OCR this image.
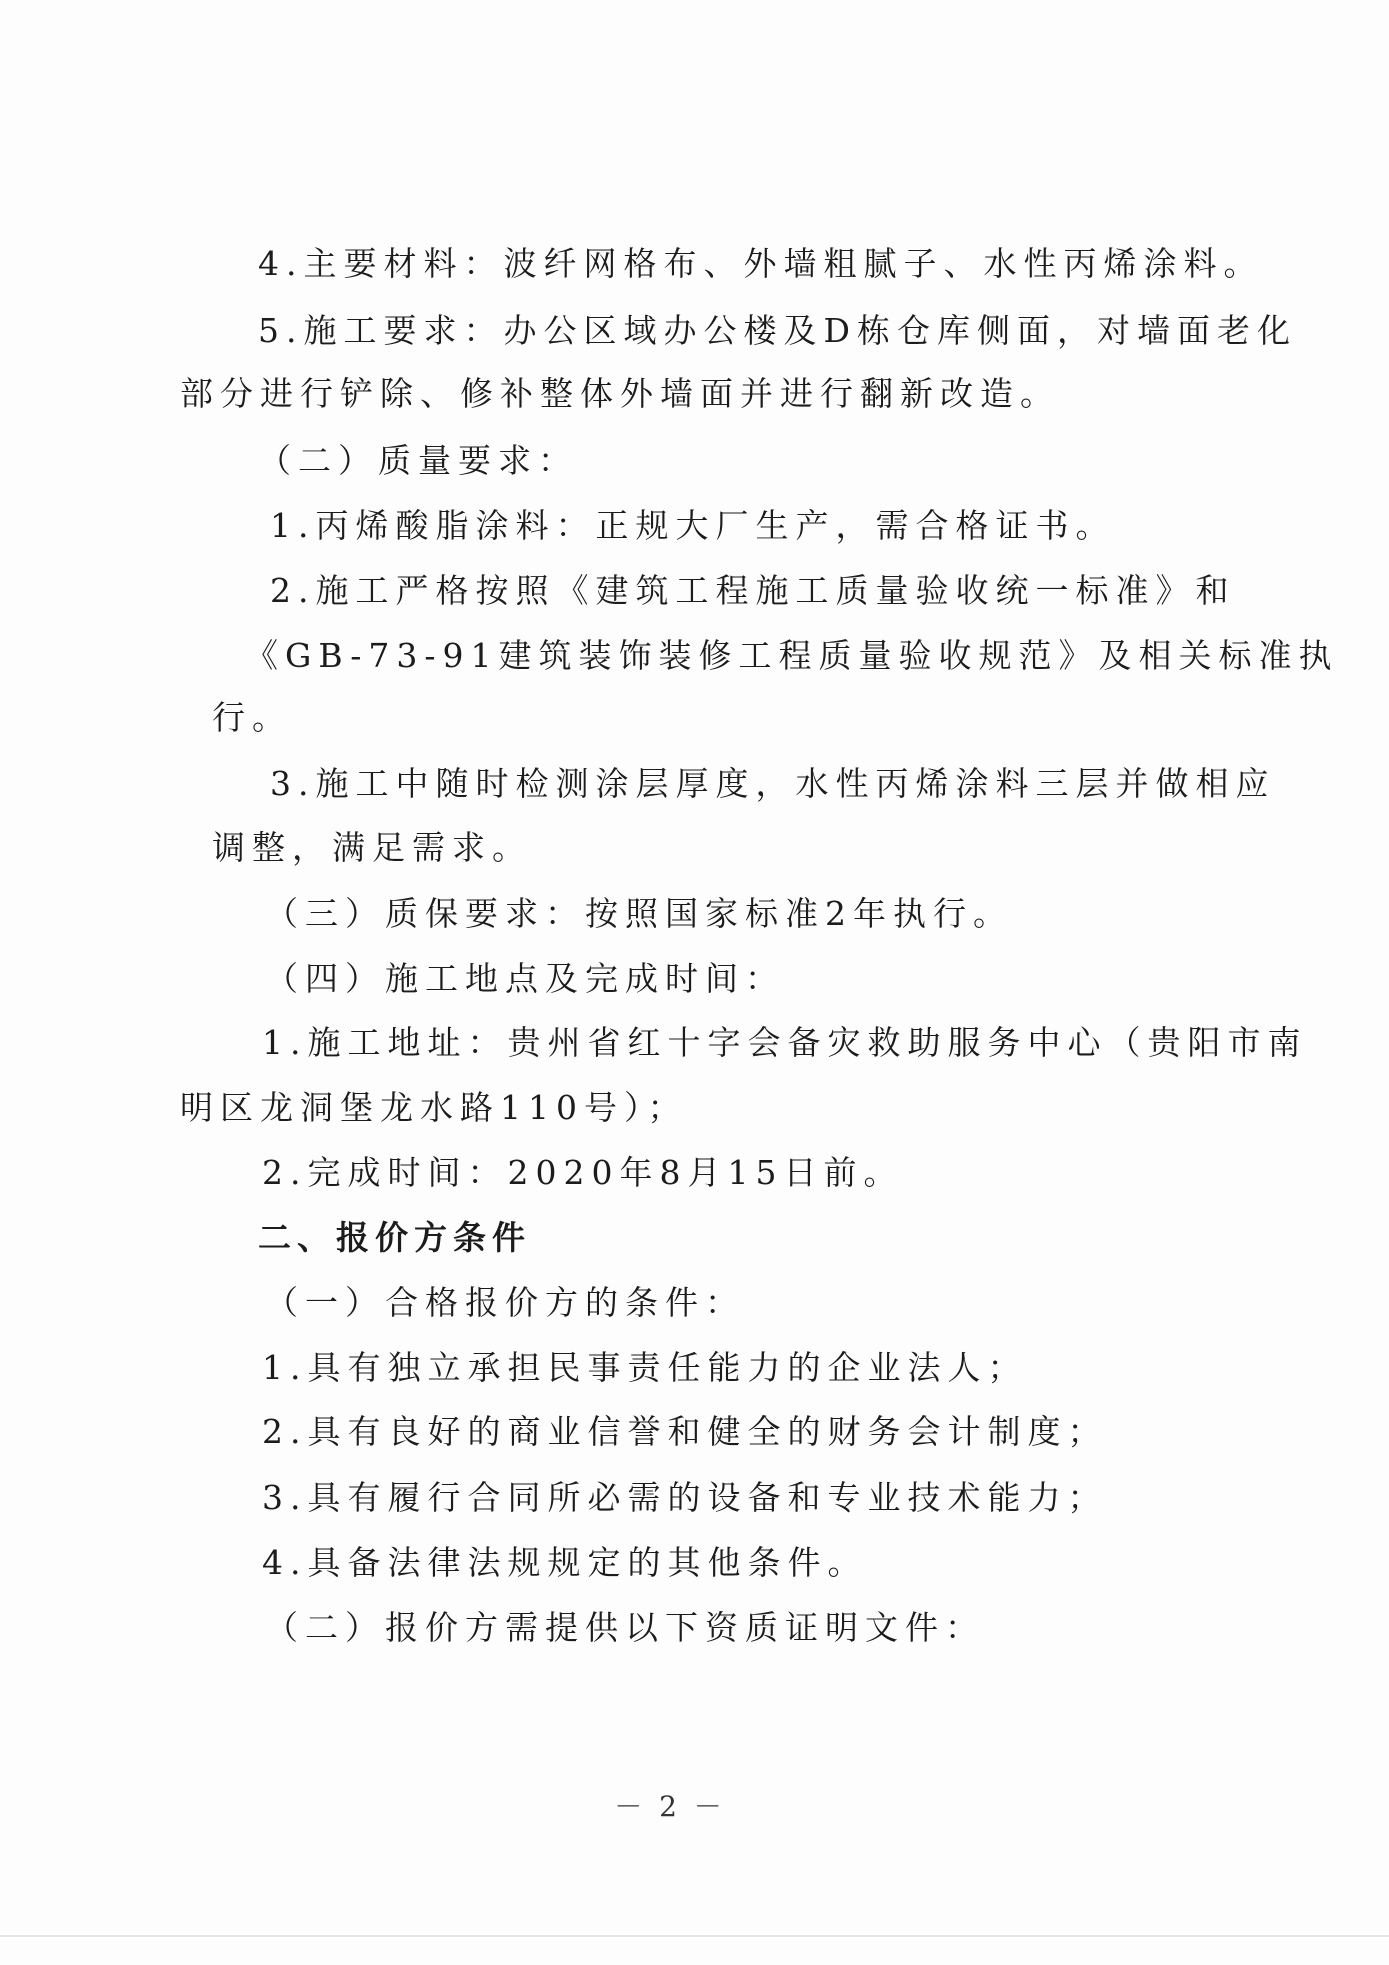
4.主要材料：波纤网格布、外墙粗腻子、水性丙烯涂料。
5.施工要求：办公区域办公楼及D栋仓库侧面，对墙面老化
部分进行铲除、修补整体外墙面并进行翻新改造。
（二）质量要求：
1.丙烯酸脂涂料：正规大厂生产，需合格证书。
2.施工严格按照《建筑工程施工质量验收统一标准》和
《GB-73-91建筑装饰装修工程质量验收规范》及相关标准执
行。
3.施工中随时检测涂层厚度，水性丙烯涂料三层并做相应
调整，满足需求。
（三）质保要求：按照国家标准2年执行。
（四）施工地点及完成时间：
1.施工地址：贵州省红十字会备灾救助服务中心（贵阳市南
明区龙洞堡龙水路110号）；
2.完成时间：2020年8月15日前。
二、报价方条件
（一）合格报价方的条件：
1.具有独立承担民事责任能力的企业法人；
2.具有良好的商业信誉和健全的财务会计制度；
3.具有履行合同所必需的设备和专业技术能力；
4.具备法律法规规定的其他条件。
（二）报价方需提供以下资质证明文件：
－ 2 －
